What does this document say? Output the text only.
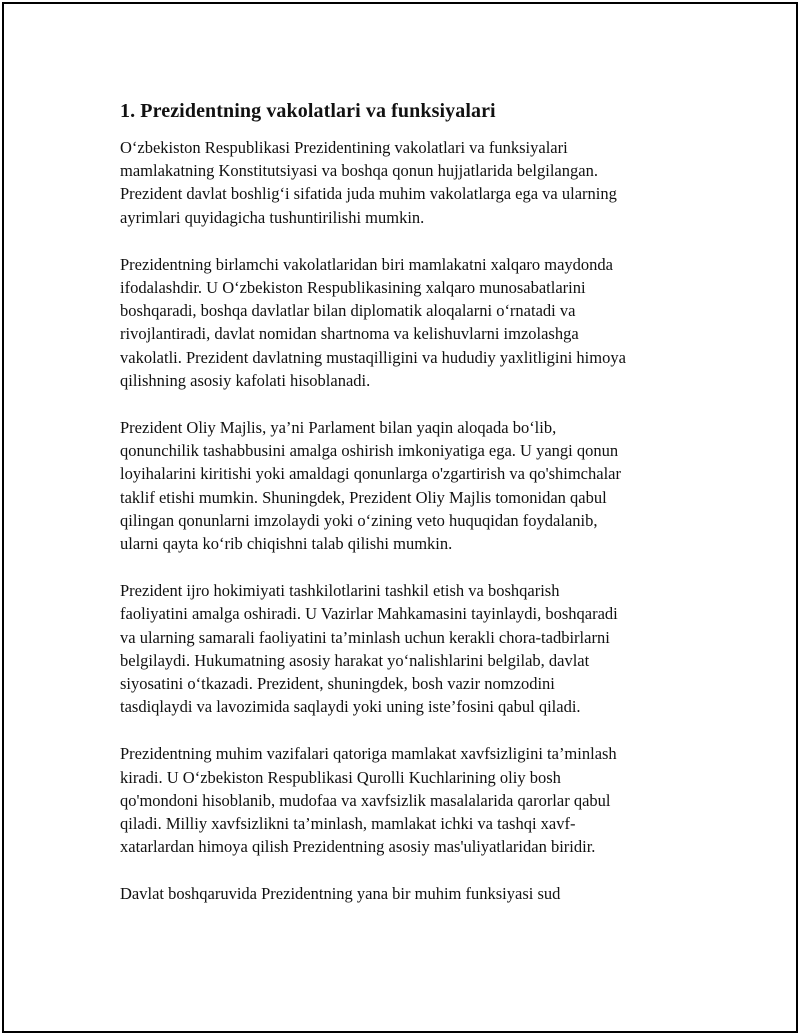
1. Prezidentning vakolatlari va funksiyalari

O‘zbekiston Respublikasi Prezidentining vakolatlari va funksiyalari
mamlakatning Konstitutsiyasi va boshqa qonun hujjatlarida belgilangan.
Prezident davlat boshlig‘i sifatida juda muhim vakolatlarga ega va ularning
ayrimlari quyidagicha tushuntirilishi mumkin.

Prezidentning birlamchi vakolatlaridan biri mamlakatni xalqaro maydonda
ifodalashdir. U O‘zbekiston Respublikasining xalqaro munosabatlarini
boshqaradi, boshqa davlatlar bilan diplomatik aloqalarni o‘rnatadi va
rivojlantiradi, davlat nomidan shartnoma va kelishuvlarni imzolashga
vakolatli. Prezident davlatning mustaqilligini va hududiy yaxlitligini himoya
qilishning asosiy kafolati hisoblanadi.

Prezident Oliy Majlis, ya’ni Parlament bilan yaqin aloqada bo‘lib,
qonunchilik tashabbusini amalga oshirish imkoniyatiga ega. U yangi qonun
loyihalarini kiritishi yoki amaldagi qonunlarga o'zgartirish va qo'shimchalar
taklif etishi mumkin. Shuningdek, Prezident Oliy Majlis tomonidan qabul
qilingan qonunlarni imzolaydi yoki o‘zining veto huquqidan foydalanib,
ularni qayta ko‘rib chiqishni talab qilishi mumkin.

Prezident ijro hokimiyati tashkilotlarini tashkil etish va boshqarish
faoliyatini amalga oshiradi. U Vazirlar Mahkamasini tayinlaydi, boshqaradi
va ularning samarali faoliyatini ta’minlash uchun kerakli chora-tadbirlarni
belgilaydi. Hukumatning asosiy harakat yo‘nalishlarini belgilab, davlat
siyosatini o‘tkazadi. Prezident, shuningdek, bosh vazir nomzodini
tasdiqlaydi va lavozimida saqlaydi yoki uning iste’fosini qabul qiladi.

Prezidentning muhim vazifalari qatoriga mamlakat xavfsizligini ta’minlash
kiradi. U O‘zbekiston Respublikasi Qurolli Kuchlarining oliy bosh
qo'mondoni hisoblanib, mudofaa va xavfsizlik masalalarida qarorlar qabul
qiladi. Milliy xavfsizlikni ta’minlash, mamlakat ichki va tashqi xavf-
xatarlardan himoya qilish Prezidentning asosiy mas'uliyatlaridan biridir.

Davlat boshqaruvida Prezidentning yana bir muhim funksiyasi sud
